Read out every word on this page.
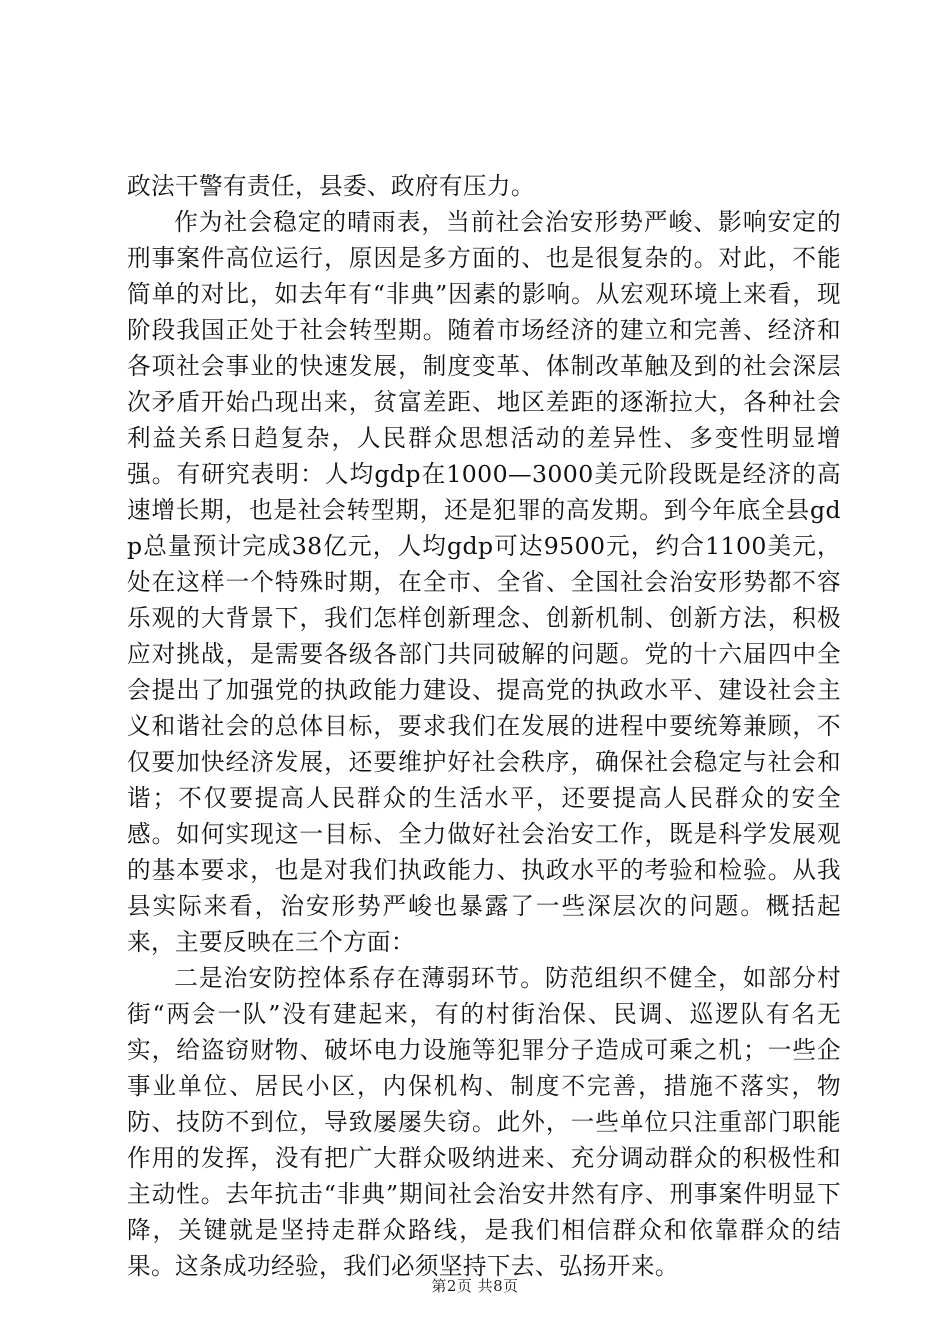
政法干警有责任，县委、政府有压力。

作为社会稳定的晴雨表，当前社会治安形势严峻、影响安定的刑事案件高位运行，原因是多方面的、也是很复杂的。对此，不能简单的对比，如去年有“非典”因素的影响。从宏观环境上来看，现阶段我国正处于社会转型期。随着市场经济的建立和完善、经济和各项社会事业的快速发展，制度变革、体制改革触及到的社会深层次矛盾开始凸现出来，贫富差距、地区差距的逐渐拉大，各种社会利益关系日趋复杂，人民群众思想活动的差异性、多变性明显增强。有研究表明：人均gdp在1000—3000美元阶段既是经济的高速增长期，也是社会转型期，还是犯罪的高发期。到今年底全县gdp总量预计完成38亿元，人均gdp可达9500元，约合1100美元，处在这样一个特殊时期，在全市、全省、全国社会治安形势都不容乐观的大背景下，我们怎样创新理念、创新机制、创新方法，积极应对挑战，是需要各级各部门共同破解的问题。党的十六届四中全会提出了加强党的执政能力建设、提高党的执政水平、建设社会主义和谐社会的总体目标，要求我们在发展的进程中要统筹兼顾，不仅要加快经济发展，还要维护好社会秩序，确保社会稳定与社会和谐；不仅要提高人民群众的生活水平，还要提高人民群众的安全感。如何实现这一目标、全力做好社会治安工作，既是科学发展观的基本要求，也是对我们执政能力、执政水平的考验和检验。从我县实际来看，治安形势严峻也暴露了一些深层次的问题。概括起来，主要反映在三个方面：

二是治安防控体系存在薄弱环节。防范组织不健全，如部分村街“两会一队”没有建起来，有的村街治保、民调、巡逻队有名无实，给盗窃财物、破坏电力设施等犯罪分子造成可乘之机；一些企事业单位、居民小区，内保机构、制度不完善，措施不落实，物防、技防不到位，导致屡屡失窃。此外，一些单位只注重部门职能作用的发挥，没有把广大群众吸纳进来、充分调动群众的积极性和主动性。去年抗击“非典”期间社会治安井然有序、刑事案件明显下降，关键就是坚持走群众路线，是我们相信群众和依靠群众的结果。这条成功经验，我们必须坚持下去、弘扬开来。

第2页 共8页
